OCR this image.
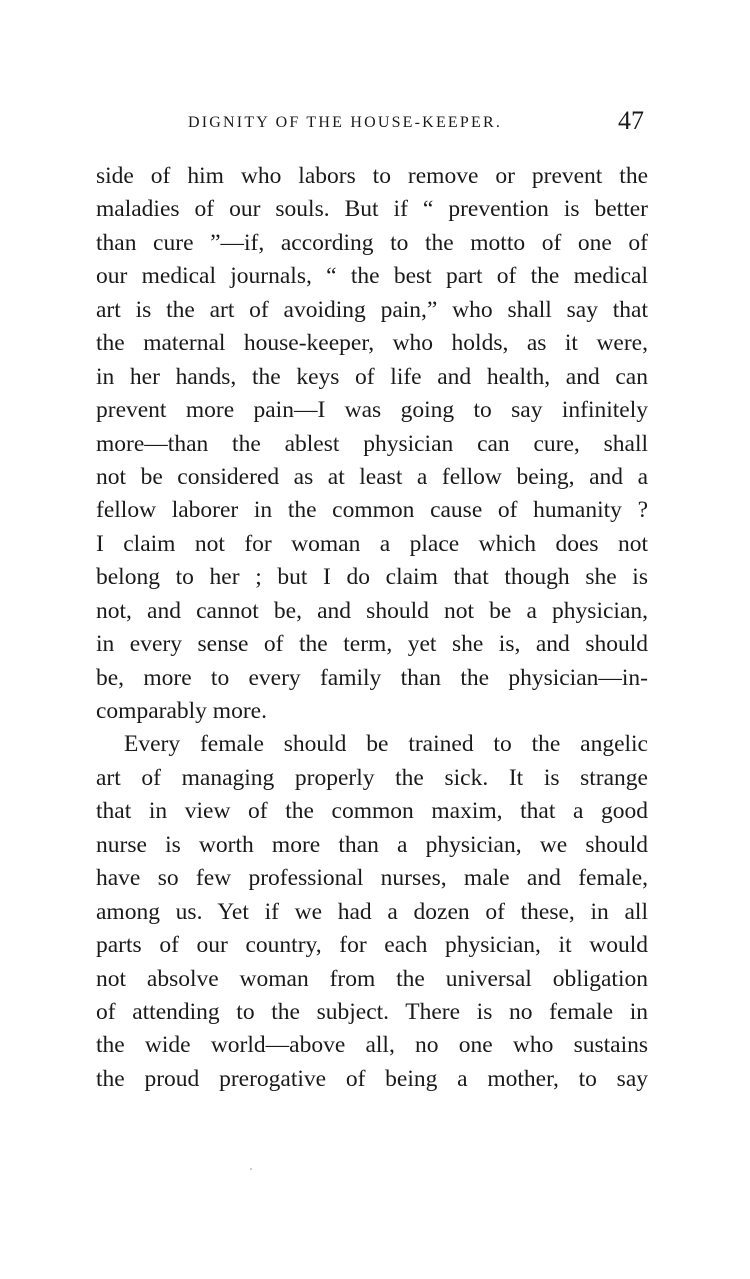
DIGNITY OF THE HOUSE-KEEPER.	47
side of him who labors to remove or prevent the
maladies of our souls. But if “ prevention is better
than cure ”—if, according to the motto of one of
our medical journals, “ the best part of the medical
art is the art of avoiding pain,” who shall say that
the maternal house-keeper, who holds, as it were,
in her hands, the keys of life and health, and can
prevent more pain—I was going to say infinitely
more—than the ablest physician can cure, shall
not be considered as at least a fellow being, and a
fellow laborer in the common cause of humanity ?
I claim not for woman a place which does not
belong to her ; but I do claim that though she is
not, and cannot be, and should not be a physician,
in every sense of the term, yet she is, and should
be, more to every family than the physician—in-
comparably more.
Every female should be trained to the angelic
art of managing properly the sick. It is strange
that in view of the common maxim, that a good
nurse is worth more than a physician, we should
have so few professional nurses, male and female,
among us. Yet if we had a dozen of these, in all
parts of our country, for each physician, it would
not absolve woman from the universal obligation
of attending to the subject. There is no female in
the wide world—above all, no one who sustains
the proud prerogative of being a mother, to say
